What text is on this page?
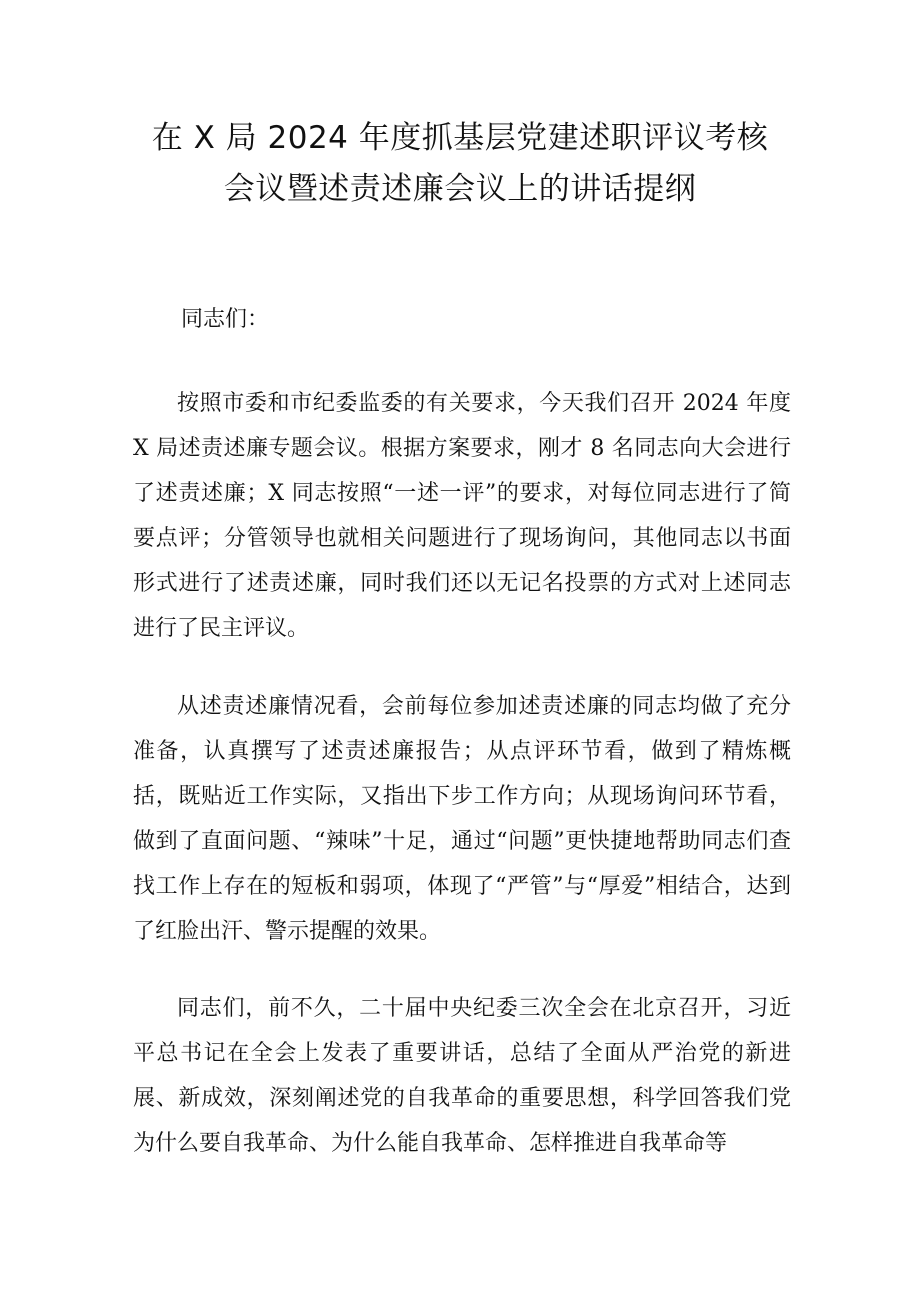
在 X 局 2024 年度抓基层党建述职评议考核
会议暨述责述廉会议上的讲话提纲

同志们：

按照市委和市纪委监委的有关要求，今天我们召开 2024 年度 X 局述责述廉专题会议。根据方案要求，刚才 8 名同志向大会进行了述责述廉；X 同志按照“一述一评”的要求，对每位同志进行了简要点评；分管领导也就相关问题进行了现场询问，其他同志以书面形式进行了述责述廉，同时我们还以无记名投票的方式对上述同志进行了民主评议。

从述责述廉情况看，会前每位参加述责述廉的同志均做了充分准备，认真撰写了述责述廉报告；从点评环节看，做到了精炼概括，既贴近工作实际，又指出下步工作方向；从现场询问环节看，做到了直面问题、“辣味”十足，通过“问题”更快捷地帮助同志们查找工作上存在的短板和弱项，体现了“严管”与“厚爱”相结合，达到了红脸出汗、警示提醒的效果。

同志们，前不久，二十届中央纪委三次全会在北京召开，习近平总书记在全会上发表了重要讲话，总结了全面从严治党的新进展、新成效，深刻阐述党的自我革命的重要思想，科学回答我们党为什么要自我革命、为什么能自我革命、怎样推进自我革命等
